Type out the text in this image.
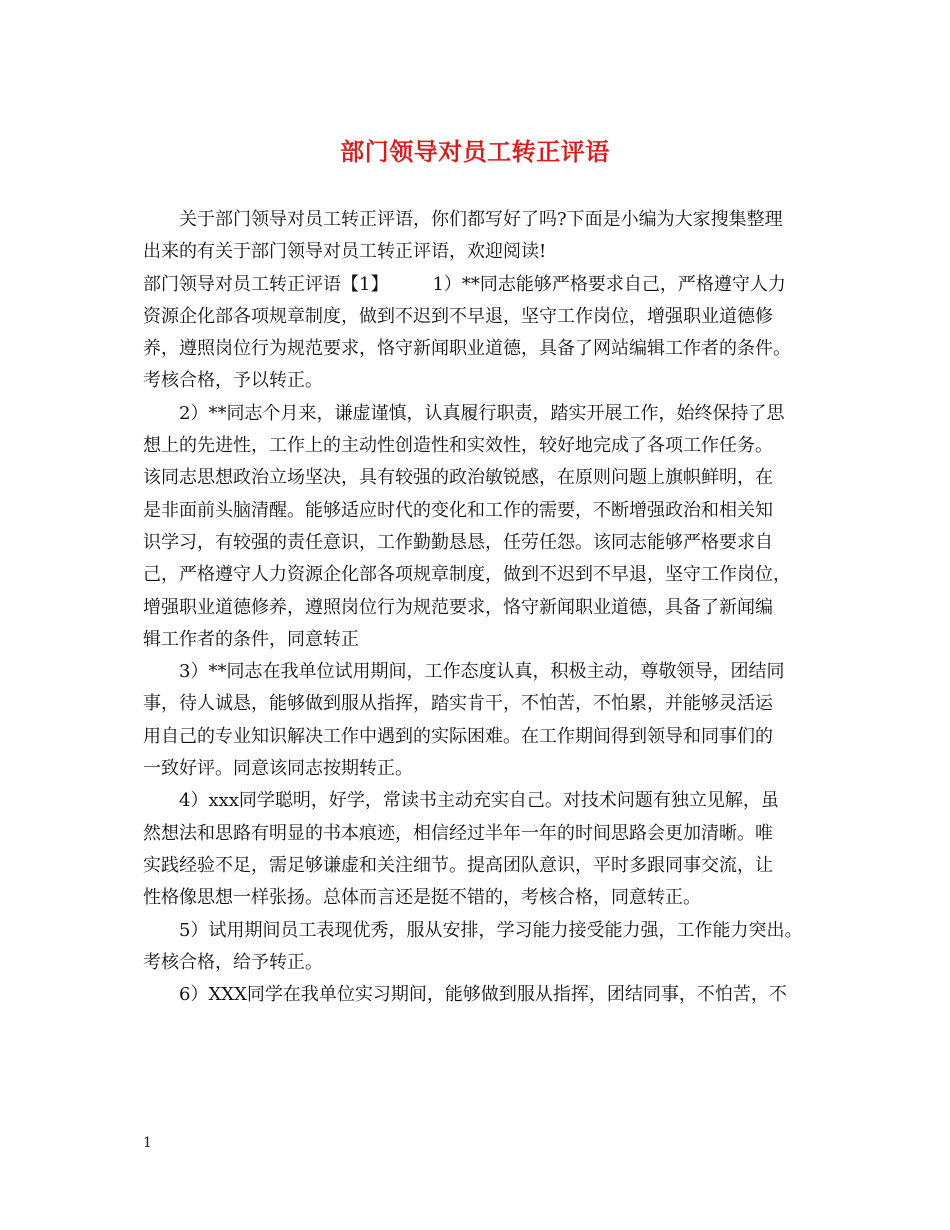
部门领导对员工转正评语
关于部门领导对员工转正评语，你们都写好了吗?下面是小编为大家搜集整理
出来的有关于部门领导对员工转正评语，欢迎阅读!
部门领导对员工转正评语【1】 1）**同志能够严格要求自己，严格遵守人力
资源企化部各项规章制度，做到不迟到不早退，坚守工作岗位，增强职业道德修
养，遵照岗位行为规范要求，恪守新闻职业道德，具备了网站编辑工作者的条件。
考核合格，予以转正。
2）**同志个月来，谦虚谨慎，认真履行职责，踏实开展工作，始终保持了思
想上的先进性，工作上的主动性创造性和实效性，较好地完成了各项工作任务。
该同志思想政治立场坚决，具有较强的政治敏锐感，在原则问题上旗帜鲜明，在
是非面前头脑清醒。能够适应时代的变化和工作的需要，不断增强政治和相关知
识学习，有较强的责任意识，工作勤勤恳恳，任劳任怨。该同志能够严格要求自
己，严格遵守人力资源企化部各项规章制度，做到不迟到不早退，坚守工作岗位，
增强职业道德修养，遵照岗位行为规范要求，恪守新闻职业道德，具备了新闻编
辑工作者的条件，同意转正
3）**同志在我单位试用期间，工作态度认真，积极主动，尊敬领导，团结同
事，待人诚恳，能够做到服从指挥，踏实肯干，不怕苦，不怕累，并能够灵活运
用自己的专业知识解决工作中遇到的实际困难。在工作期间得到领导和同事们的
一致好评。同意该同志按期转正。
4）xxx同学聪明，好学，常读书主动充实自己。对技术问题有独立见解，虽
然想法和思路有明显的书本痕迹，相信经过半年一年的时间思路会更加清晰。唯
实践经验不足，需足够谦虚和关注细节。提高团队意识，平时多跟同事交流，让
性格像思想一样张扬。总体而言还是挺不错的，考核合格，同意转正。
5）试用期间员工表现优秀，服从安排，学习能力接受能力强，工作能力突出。
考核合格，给予转正。
6）XXX同学在我单位实习期间，能够做到服从指挥，团结同事，不怕苦，不
1
